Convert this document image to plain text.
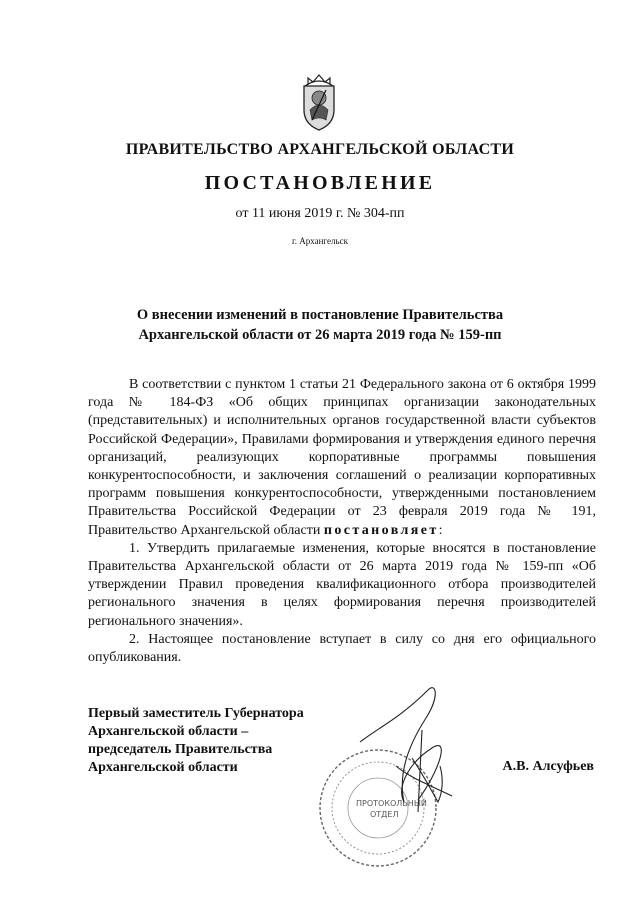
ПРАВИТЕЛЬСТВО АРХАНГЕЛЬСКОЙ ОБЛАСТИ
ПОСТАНОВЛЕНИЕ
от 11 июня 2019 г. № 304-пп
г. Архангельск
О внесении изменений в постановление Правительства
Архангельской области от 26 марта 2019 года № 159-пп

В соответствии с пунктом 1 статьи 21 Федерального закона от 6 октября 1999 года № 184-ФЗ «Об общих принципах организации законодательных (представительных) и исполнительных органов государственной власти субъектов Российской Федерации», Правилами формирования и утверждения единого перечня организаций, реализующих корпоративные программы повышения конкурентоспособности, и заключения соглашений о реализации корпоративных программ повышения конкурентоспособности, утвержденными постановлением Правительства Российской Федерации от 23 февраля 2019 года № 191, Правительство Архангельской области постановляет:

1. Утвердить прилагаемые изменения, которые вносятся в постановление Правительства Архангельской области от 26 марта 2019 года № 159-пп «Об утверждении Правил проведения квалификационного отбора производителей регионального значения в целях формирования перечня производителей регионального значения».

2. Настоящее постановление вступает в силу со дня его официального опубликования.

ПРОТОКОЛЬНЫЙ
ОТДЕЛ
Первый заместитель Губернатора
Архангельской области –
председатель Правительства
Архангельской области	А.В. Алсуфьев
